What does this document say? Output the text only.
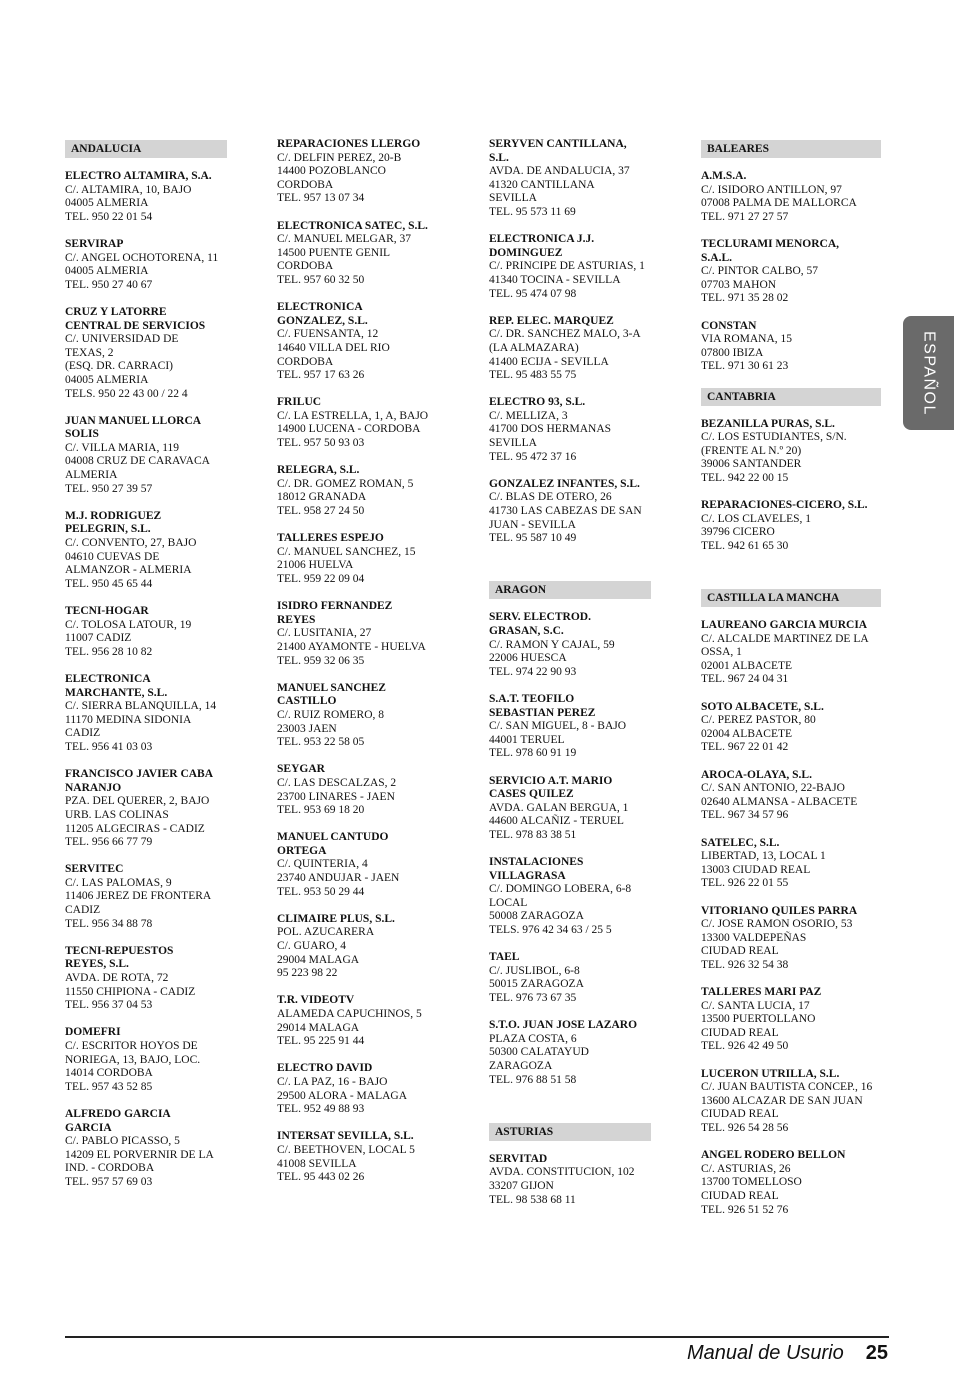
ANDALUCIA
ELECTRO ALTAMIRA, S.A.
C/. ALTAMIRA, 10, BAJO
04005 ALMERIA
TEL. 950 22 01 54
SERVIRAP
C/. ANGEL OCHOTORENA, 11
04005 ALMERIA
TEL. 950 27 40 67
CRUZ Y LATORRE
CENTRAL DE SERVICIOS
C/. UNIVERSIDAD DE
TEXAS, 2
(ESQ. DR. CARRACI)
04005 ALMERIA
TELS. 950 22 43 00 / 22 4
JUAN MANUEL LLORCA
SOLIS
C/. VILLA MARIA, 119
04008 CRUZ DE CARAVACA
ALMERIA
TEL. 950 27 39 57
M.J. RODRIGUEZ
PELEGRIN, S.L.
C/. CONVENTO, 27, BAJO
04610 CUEVAS DE
ALMANZOR - ALMERIA
TEL. 950 45 65 44
TECNI-HOGAR
C/. TOLOSA LATOUR, 19
11007 CADIZ
TEL. 956 28 10 82
ELECTRONICA
MARCHANTE, S.L.
C/. SIERRA BLANQUILLA, 14
11170 MEDINA SIDONIA
CADIZ
TEL. 956 41 03 03
FRANCISCO JAVIER CABA
NARANJO
PZA. DEL QUERER, 2, BAJO
URB. LAS COLINAS
11205 ALGECIRAS - CADIZ
TEL. 956 66 77 79
SERVITEC
C/. LAS PALOMAS, 9
11406 JEREZ DE FRONTERA
CADIZ
TEL. 956 34 88 78
TECNI-REPUESTOS
REYES, S.L.
AVDA. DE ROTA, 72
11550 CHIPIONA - CADIZ
TEL. 956 37 04 53
DOMEFRI
C/. ESCRITOR HOYOS DE
NORIEGA, 13, BAJO, LOC.
14014 CORDOBA
TEL. 957 43 52 85
ALFREDO GARCIA
GARCIA
C/. PABLO PICASSO, 5
14209 EL PORVERNIR DE LA
IND. - CORDOBA
TEL. 957 57 69 03
REPARACIONES LLERGO
C/. DELFIN PEREZ, 20-B
14400 POZOBLANCO
CORDOBA
TEL. 957 13 07 34
ELECTRONICA SATEC, S.L.
C/. MANUEL MELGAR, 37
14500 PUENTE GENIL
CORDOBA
TEL. 957 60 32 50
ELECTRONICA
GONZALEZ, S.L.
C/. FUENSANTA, 12
14640 VILLA DEL RIO
CORDOBA
TEL. 957 17 63 26
FRILUC
C/. LA ESTRELLA, 1, A, BAJO
14900 LUCENA - CORDOBA
TEL. 957 50 93 03
RELEGRA, S.L.
C/. DR. GOMEZ ROMAN, 5
18012 GRANADA
TEL. 958 27 24 50
TALLERES ESPEJO
C/. MANUEL SANCHEZ, 15
21006 HUELVA
TEL. 959 22 09 04
ISIDRO FERNANDEZ
REYES
C/. LUSITANIA, 27
21400 AYAMONTE - HUELVA
TEL. 959 32 06 35
MANUEL SANCHEZ
CASTILLO
C/. RUIZ ROMERO, 8
23003 JAEN
TEL. 953 22 58 05
SEYGAR
C/. LAS DESCALZAS, 2
23700 LINARES - JAEN
TEL. 953 69 18 20
MANUEL CANTUDO
ORTEGA
C/. QUINTERIA, 4
23740 ANDUJAR - JAEN
TEL. 953 50 29 44
CLIMAIRE PLUS, S.L.
POL. AZUCARERA
C/. GUARO, 4
29004 MALAGA
95 223 98 22
T.R. VIDEOTV
ALAMEDA CAPUCHINOS, 5
29014 MALAGA
TEL. 95 225 91 44
ELECTRO DAVID
C/. LA PAZ, 16 - BAJO
29500 ALORA - MALAGA
TEL. 952 49 88 93
INTERSAT SEVILLA, S.L.
C/. BEETHOVEN, LOCAL 5
41008 SEVILLA
TEL. 95 443 02 26
SERYVEN CANTILLANA,
S.L.
AVDA. DE ANDALUCIA, 37
41320 CANTILLANA
SEVILLA
TEL. 95 573 11 69
ELECTRONICA J.J.
DOMINGUEZ
C/. PRINCIPE DE ASTURIAS, 1
41340 TOCINA - SEVILLA
TEL. 95 474 07 98
REP. ELEC. MARQUEZ
C/. DR. SANCHEZ MALO, 3-A
(LA ALMAZARA)
41400 ECIJA - SEVILLA
TEL. 95 483 55 75
ELECTRO 93, S.L.
C/. MELLIZA, 3
41700 DOS HERMANAS
SEVILLA
TEL. 95 472 37 16
GONZALEZ INFANTES, S.L.
C/. BLAS DE OTERO, 26
41730 LAS CABEZAS DE SAN
JUAN - SEVILLA
TEL. 95 587 10 49
ARAGON
SERV. ELECTROD.
GRASAN, S.C.
C/. RAMON Y CAJAL, 59
22006 HUESCA
TEL. 974 22 90 93
S.A.T. TEOFILO
SEBASTIAN PEREZ
C/. SAN MIGUEL, 8 - BAJO
44001 TERUEL
TEL. 978 60 91 19
SERVICIO A.T. MARIO
CASES QUILEZ
AVDA. GALAN BERGUA, 1
44600 ALCAÑIZ - TERUEL
TEL. 978 83 38 51
INSTALACIONES
VILLAGRASA
C/. DOMINGO LOBERA, 6-8
LOCAL
50008 ZARAGOZA
TELS. 976 42 34 63 / 25 5
TAEL
C/. JUSLIBOL, 6-8
50015 ZARAGOZA
TEL. 976 73 67 35
S.T.O. JUAN JOSE LAZARO
PLAZA COSTA, 6
50300 CALATAYUD
ZARAGOZA
TEL. 976 88 51 58
ASTURIAS
SERVITAD
AVDA. CONSTITUCION, 102
33207 GIJON
TEL. 98 538 68 11
BALEARES
A.M.S.A.
C/. ISIDORO ANTILLON, 97
07008 PALMA DE MALLORCA
TEL. 971 27 27 57
TECLURAMI MENORCA,
S.A.L.
C/. PINTOR CALBO, 57
07703 MAHON
TEL. 971 35 28 02
CONSTAN
VIA ROMANA, 15
07800 IBIZA
TEL. 971 30 61 23
CANTABRIA
BEZANILLA PURAS, S.L.
C/. LOS ESTUDIANTES, S/N.
(FRENTE AL N.º 20)
39006 SANTANDER
TEL. 942 22 00 15
REPARACIONES-CICERO, S.L.
C/. LOS CLAVELES, 1
39796 CICERO
TEL. 942 61 65 30
CASTILLA LA MANCHA
LAUREANO GARCIA MURCIA
C/. ALCALDE MARTINEZ DE LA
OSSA, 1
02001 ALBACETE
TEL. 967 24 04 31
SOTO ALBACETE, S.L.
C/. PEREZ PASTOR, 80
02004 ALBACETE
TEL. 967 22 01 42
AROCA-OLAYA, S.L.
C/. SAN ANTONIO, 22-BAJO
02640 ALMANSA - ALBACETE
TEL. 967 34 57 96
SATELEC, S.L.
LIBERTAD, 13, LOCAL 1
13003 CIUDAD REAL
TEL. 926 22 01 55
VITORIANO QUILES PARRA
C/. JOSE RAMON OSORIO, 53
13300 VALDEPEÑAS
CIUDAD REAL
TEL. 926 32 54 38
TALLERES MARI PAZ
C/. SANTA LUCIA, 17
13500 PUERTOLLANO
CIUDAD REAL
TEL. 926 42 49 50
LUCERON UTRILLA, S.L.
C/. JUAN BAUTISTA CONCEP., 16
13600 ALCAZAR DE SAN JUAN
CIUDAD REAL
TEL. 926 54 28 56
ANGEL RODERO BELLON
C/. ASTURIAS, 26
13700 TOMELLOSO
CIUDAD REAL
TEL. 926 51 52 76
ESPAÑOL
Manual de Usurio 25
